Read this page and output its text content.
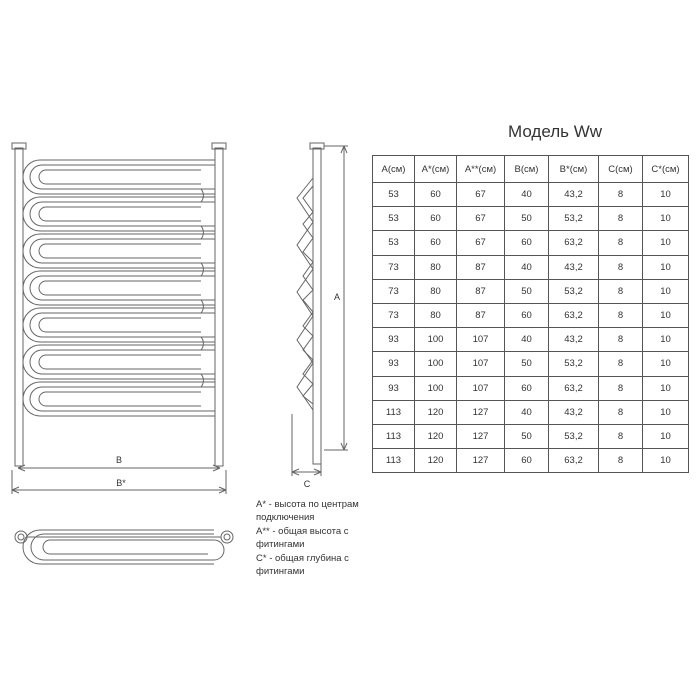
B
B*
A
C
Модель Ww
A(см)	A*(см)	A**(см)	B(см)	B*(см)	C(см)	C*(см)
53	60	67	40	43,2	8	10
53	60	67	50	53,2	8	10
53	60	67	60	63,2	8	10
73	80	87	40	43,2	8	10
73	80	87	50	53,2	8	10
73	80	87	60	63,2	8	10
93	100	107	40	43,2	8	10
93	100	107	50	53,2	8	10
93	100	107	60	63,2	8	10
113	120	127	40	43,2	8	10
113	120	127	50	53,2	8	10
113	120	127	60	63,2	8	10
A* - высота по центрам
подключения
A** - общая высота с
фитингами
C* - общая глубина с
фитингами
